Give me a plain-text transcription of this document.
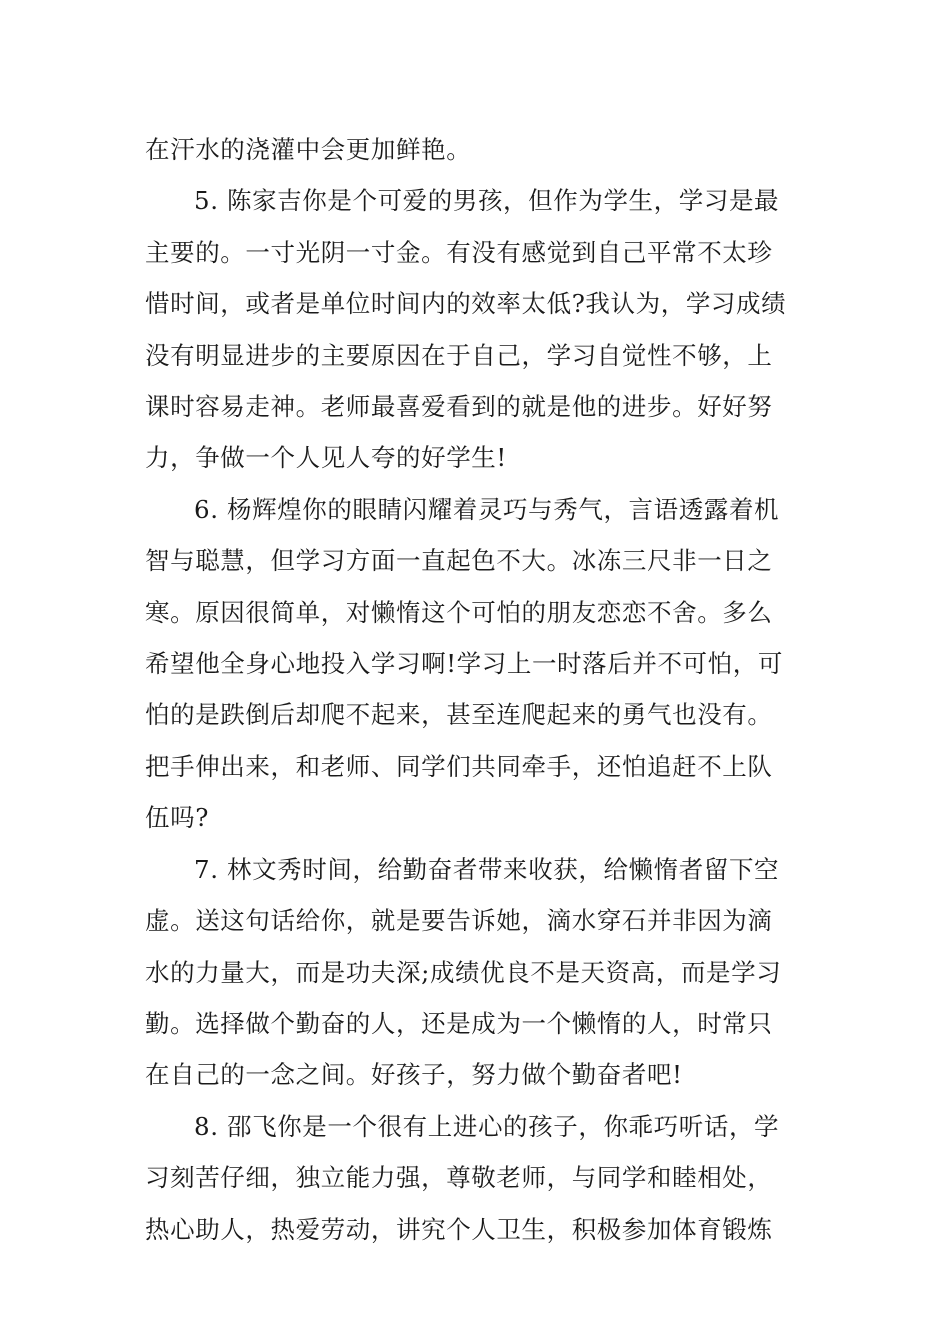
在汗水的浇灌中会更加鲜艳。

5. 陈家吉你是个可爱的男孩，但作为学生，学习是最
主要的。一寸光阴一寸金。有没有感觉到自己平常不太珍
惜时间，或者是单位时间内的效率太低?我认为，学习成绩
没有明显进步的主要原因在于自己，学习自觉性不够，上
课时容易走神。老师最喜爱看到的就是他的进步。好好努
力，争做一个人见人夸的好学生!

6. 杨辉煌你的眼睛闪耀着灵巧与秀气，言语透露着机
智与聪慧，但学习方面一直起色不大。冰冻三尺非一日之
寒。原因很简单，对懒惰这个可怕的朋友恋恋不舍。多么
希望他全身心地投入学习啊!学习上一时落后并不可怕，可
怕的是跌倒后却爬不起来，甚至连爬起来的勇气也没有。
把手伸出来，和老师、同学们共同牵手，还怕追赶不上队
伍吗?

7. 林文秀时间，给勤奋者带来收获，给懒惰者留下空
虚。送这句话给你，就是要告诉她，滴水穿石并非因为滴
水的力量大，而是功夫深;成绩优良不是天资高，而是学习
勤。选择做个勤奋的人，还是成为一个懒惰的人，时常只
在自己的一念之间。好孩子，努力做个勤奋者吧!

8. 邵飞你是一个很有上进心的孩子，你乖巧听话，学
习刻苦仔细，独立能力强，尊敬老师，与同学和睦相处，
热心助人，热爱劳动，讲究个人卫生，积极参加体育锻炼
